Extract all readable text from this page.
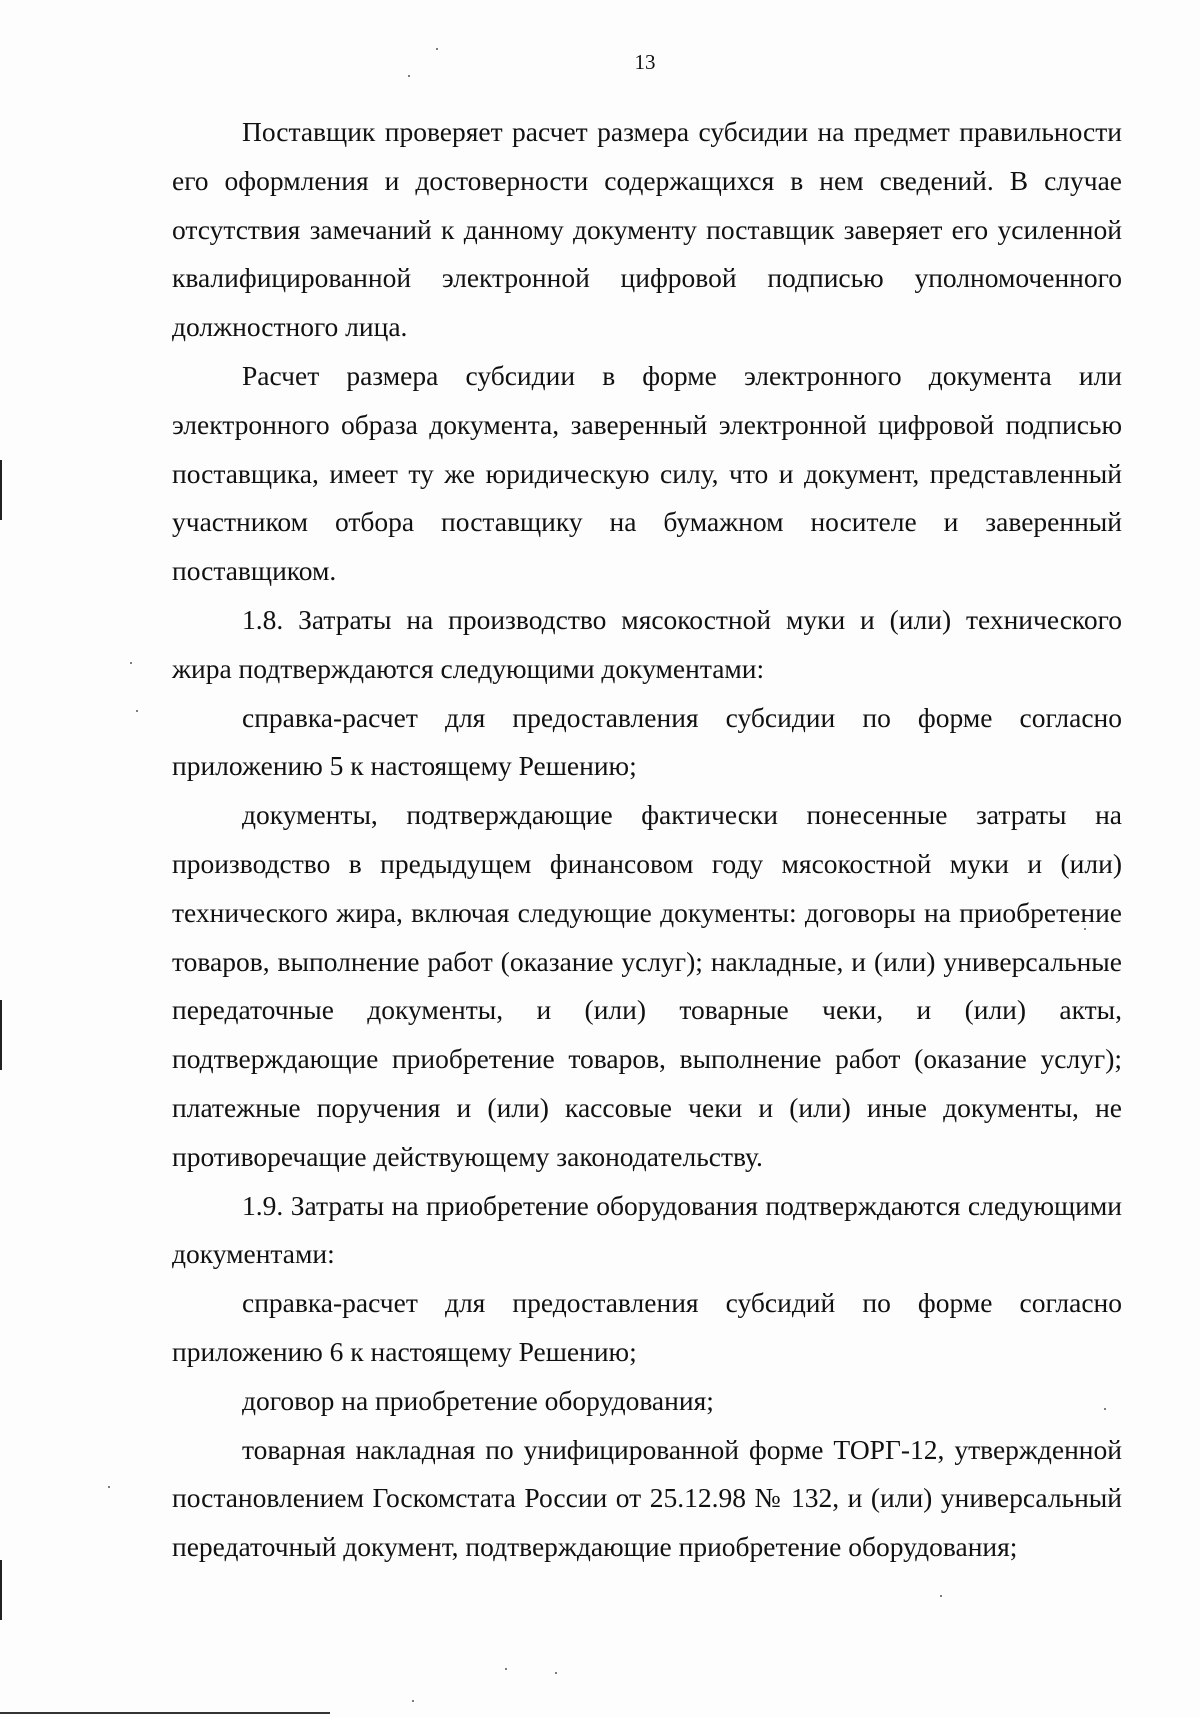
13

Поставщик проверяет расчет размера субсидии на предмет правильности его оформления и достоверности содержащихся в нем сведений. В случае отсутствия замечаний к данному документу поставщик заверяет его усиленной квалифицированной электронной цифровой подписью уполномоченного должностного лица.

Расчет размера субсидии в форме электронного документа или электронного образа документа, заверенный электронной цифровой подписью поставщика, имеет ту же юридическую силу, что и документ, представленный участником отбора поставщику на бумажном носителе и заверенный поставщиком.

1.8. Затраты на производство мясокостной муки и (или) технического жира подтверждаются следующими документами:

справка-расчет для предоставления субсидии по форме согласно приложению 5 к настоящему Решению;

документы, подтверждающие фактически понесенные затраты на производство в предыдущем финансовом году мясокостной муки и (или) технического жира, включая следующие документы: договоры на приобретение товаров, выполнение работ (оказание услуг); накладные, и (или) универсальные передаточные документы, и (или) товарные чеки, и (или) акты, подтверждающие приобретение товаров, выполнение работ (оказание услуг); платежные поручения и (или) кассовые чеки и (или) иные документы, не противоречащие действующему законодательству.

1.9. Затраты на приобретение оборудования подтверждаются следующими документами:

справка-расчет для предоставления субсидий по форме согласно приложению 6 к настоящему Решению;

договор на приобретение оборудования;

товарная накладная по унифицированной форме ТОРГ-12, утвержденной постановлением Госкомстата России от 25.12.98 № 132, и (или) универсальный передаточный документ, подтверждающие приобретение оборудования;
